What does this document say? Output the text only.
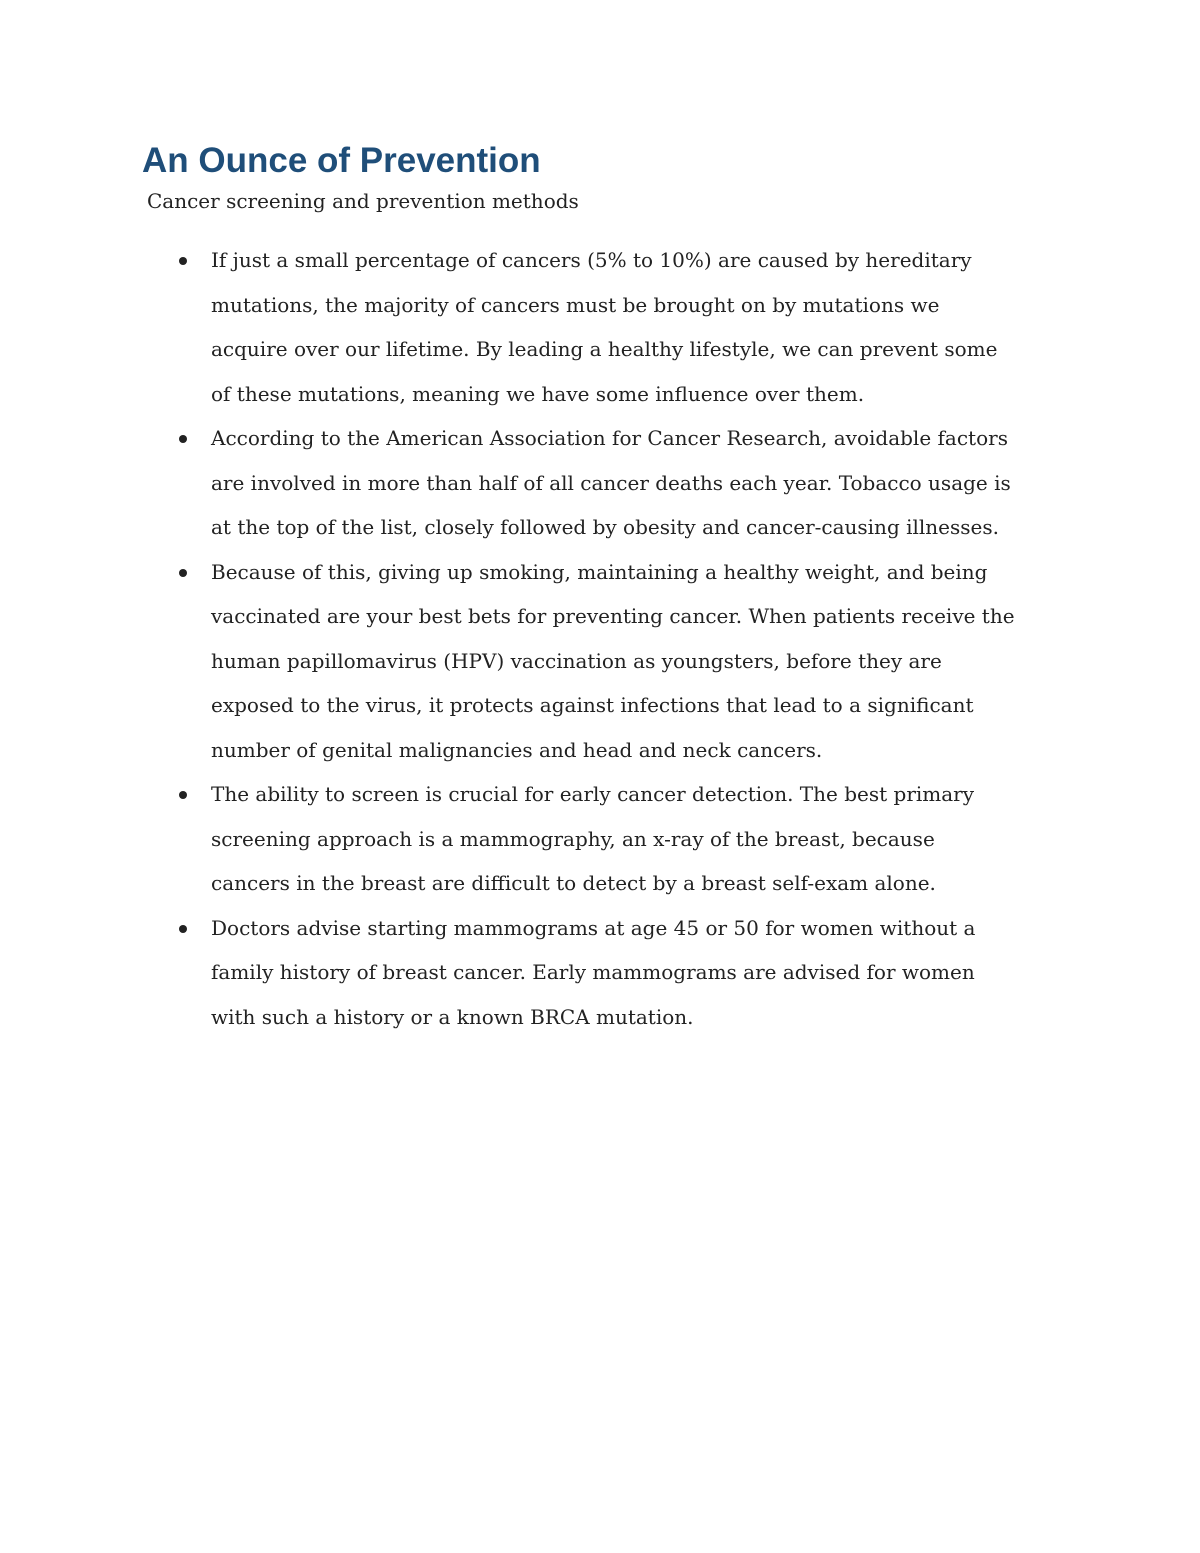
An Ounce of Prevention

Cancer screening and prevention methods

If just a small percentage of cancers (5% to 10%) are caused by hereditary
mutations, the majority of cancers must be brought on by mutations we
acquire over our lifetime. By leading a healthy lifestyle, we can prevent some
of these mutations, meaning we have some influence over them.
According to the American Association for Cancer Research, avoidable factors
are involved in more than half of all cancer deaths each year. Tobacco usage is
at the top of the list, closely followed by obesity and cancer-causing illnesses.
Because of this, giving up smoking, maintaining a healthy weight, and being
vaccinated are your best bets for preventing cancer. When patients receive the
human papillomavirus (HPV) vaccination as youngsters, before they are
exposed to the virus, it protects against infections that lead to a significant
number of genital malignancies and head and neck cancers.
The ability to screen is crucial for early cancer detection. The best primary
screening approach is a mammography, an x-ray of the breast, because
cancers in the breast are difficult to detect by a breast self-exam alone.
Doctors advise starting mammograms at age 45 or 50 for women without a
family history of breast cancer. Early mammograms are advised for women
with such a history or a known BRCA mutation.
